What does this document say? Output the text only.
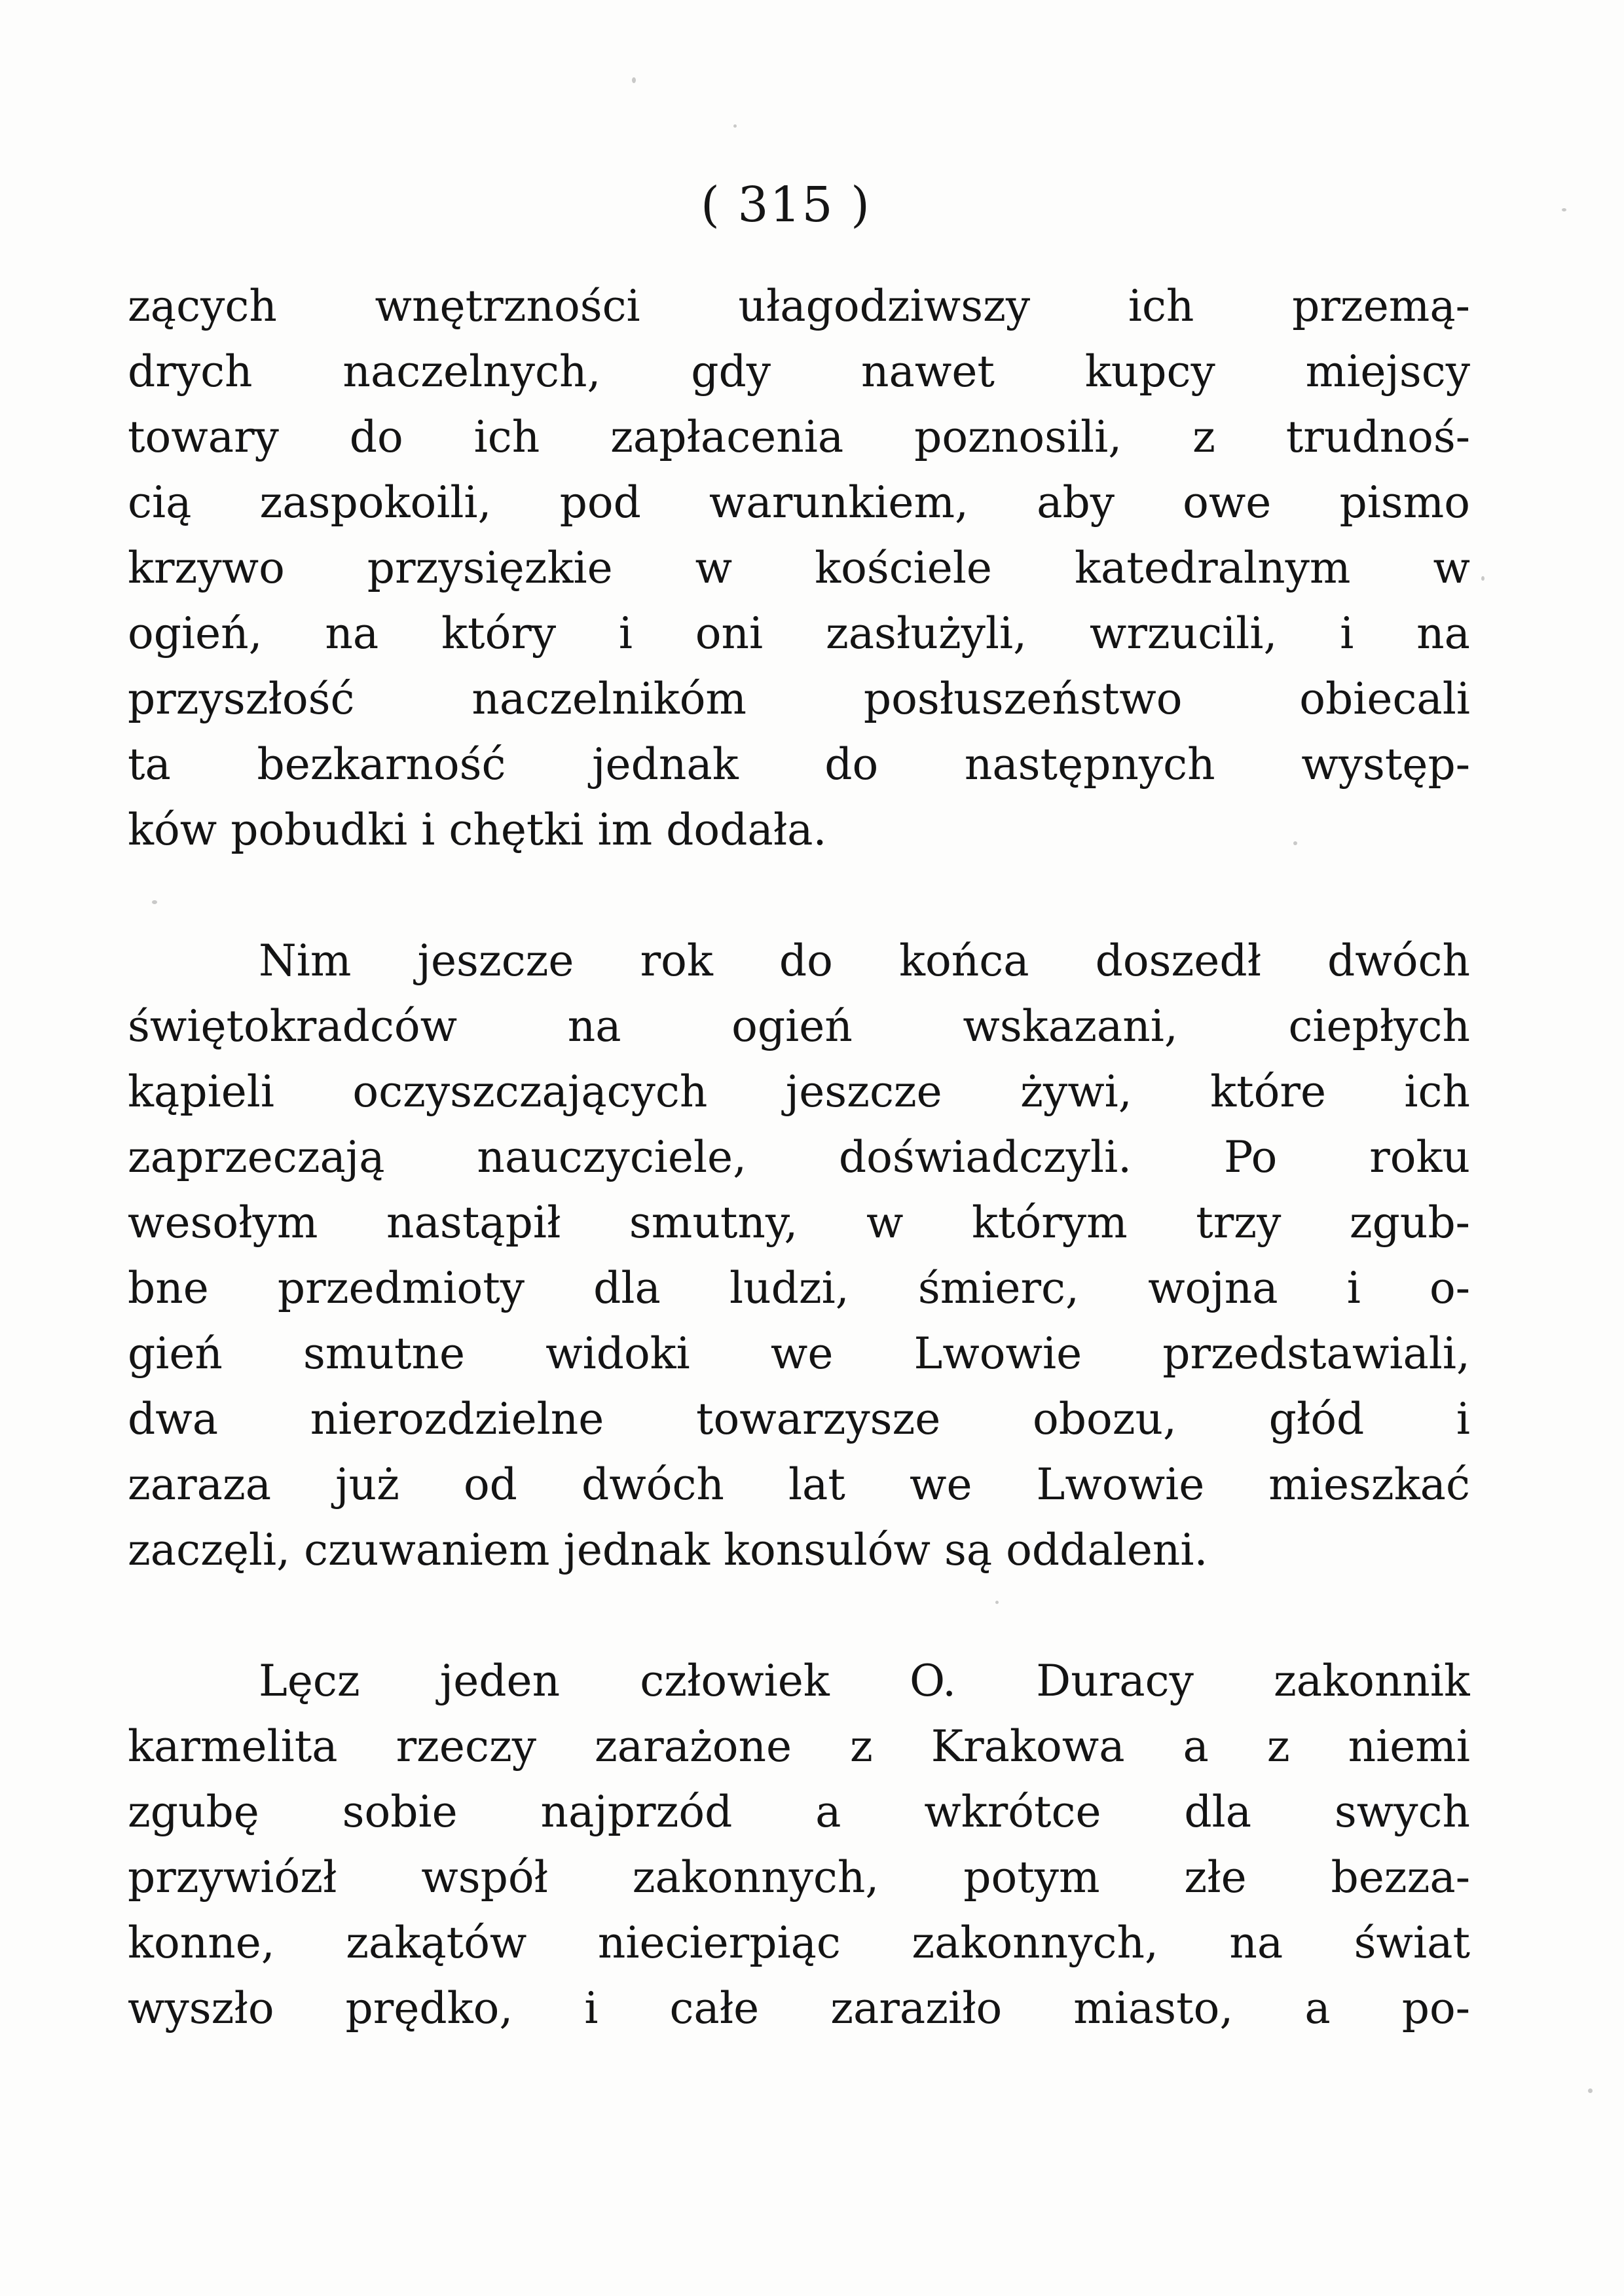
( 315 )
zących wnętrzności ułagodziwszy ich przemą-
drych naczelnych, gdy nawet kupcy miejscy
towary do ich zapłacenia poznosili, z trudnoś-
cią zaspokoili, pod warunkiem, aby owe pismo
krzywo przysięzkie w kościele katedralnym w
ogień, na który i oni zasłużyli, wrzucili, i na
przyszłość naczelnikóm posłuszeństwo obiecali
ta bezkarność jednak do następnych występ-
ków pobudki i chętki im dodała.
Nim jeszcze rok do końca doszedł dwóch
świętokradców na ogień wskazani, ciepłych
kąpieli oczyszczających jeszcze żywi, które ich
zaprzeczają nauczyciele, doświadczyli. Po roku
wesołym nastąpił smutny, w którym trzy zgub-
bne przedmioty dla ludzi, śmierc, wojna i o-
gień smutne widoki we Lwowie przedstawiali,
dwa nierozdzielne towarzysze obozu, głód i
zaraza już od dwóch lat we Lwowie mieszkać
zaczęli, czuwaniem jednak konsulów są oddaleni.
Lęcz jeden człowiek O. Duracy zakonnik
karmelita rzeczy zarażone z Krakowa a z niemi
zgubę sobie najprzód a wkrótce dla swych
przywiózł współ zakonnych, potym złe bezza-
konne, zakątów niecierpiąc zakonnych, na świat
wyszło prędko, i całe zaraziło miasto, a po-
